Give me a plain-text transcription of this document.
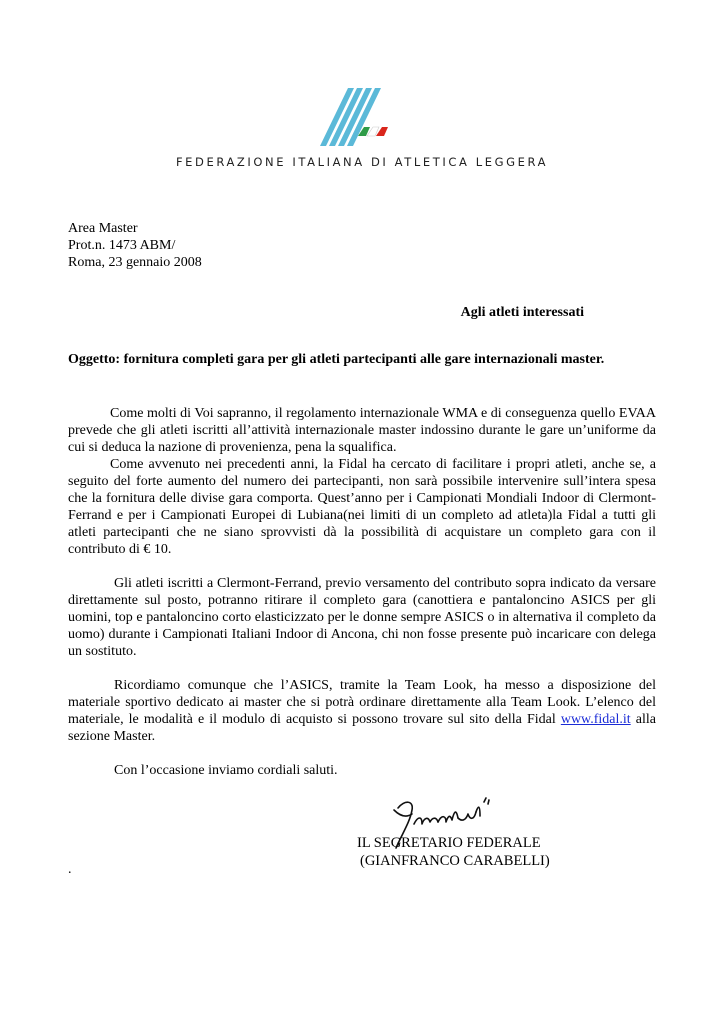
FEDERAZIONE ITALIANA DI ATLETICA LEGGERA
Area Master
Prot.n. 1473 ABM/
Roma, 23 gennaio 2008
Agli atleti interessati
Oggetto: fornitura completi gara per gli atleti partecipanti alle gare internazionali master.

Come molti di Voi sapranno, il regolamento internazionale WMA e di conseguenza quello EVAA prevede che gli atleti iscritti all’attività internazionale master indossino durante le gare un’uniforme da cui si deduca la nazione di provenienza, pena la squalifica.

Come avvenuto nei precedenti anni, la Fidal ha cercato di facilitare i propri atleti, anche se, a seguito del forte aumento del numero dei partecipanti, non sarà possibile intervenire sull’intera spesa che la fornitura delle divise gara comporta. Quest’anno per i Campionati Mondiali Indoor di Clermont-Ferrand e per i Campionati Europei di Lubiana(nei limiti di un completo ad atleta)la Fidal a tutti gli atleti partecipanti che ne siano sprovvisti dà la possibilità di acquistare un completo gara con il contributo di € 10.

Gli atleti iscritti a Clermont-Ferrand, previo versamento del contributo sopra indicato da versare direttamente sul posto, potranno ritirare il completo gara (canottiera e pantaloncino ASICS per gli uomini, top e pantaloncino corto elasticizzato per le donne sempre ASICS o in alternativa il completo da uomo) durante i Campionati Italiani Indoor di Ancona, chi non fosse presente può incaricare con delega un sostituto.

Ricordiamo comunque che l’ASICS, tramite la Team Look, ha messo a disposizione del materiale sportivo dedicato ai master che si potrà ordinare direttamente alla Team Look. L’elenco del materiale, le modalità e il modulo di acquisto si possono trovare sul sito della Fidal www.fidal.it alla sezione Master.

Con l’occasione inviamo cordiali saluti.

IL SEGRETARIO FEDERALE
(GIANFRANCO CARABELLI)
.
